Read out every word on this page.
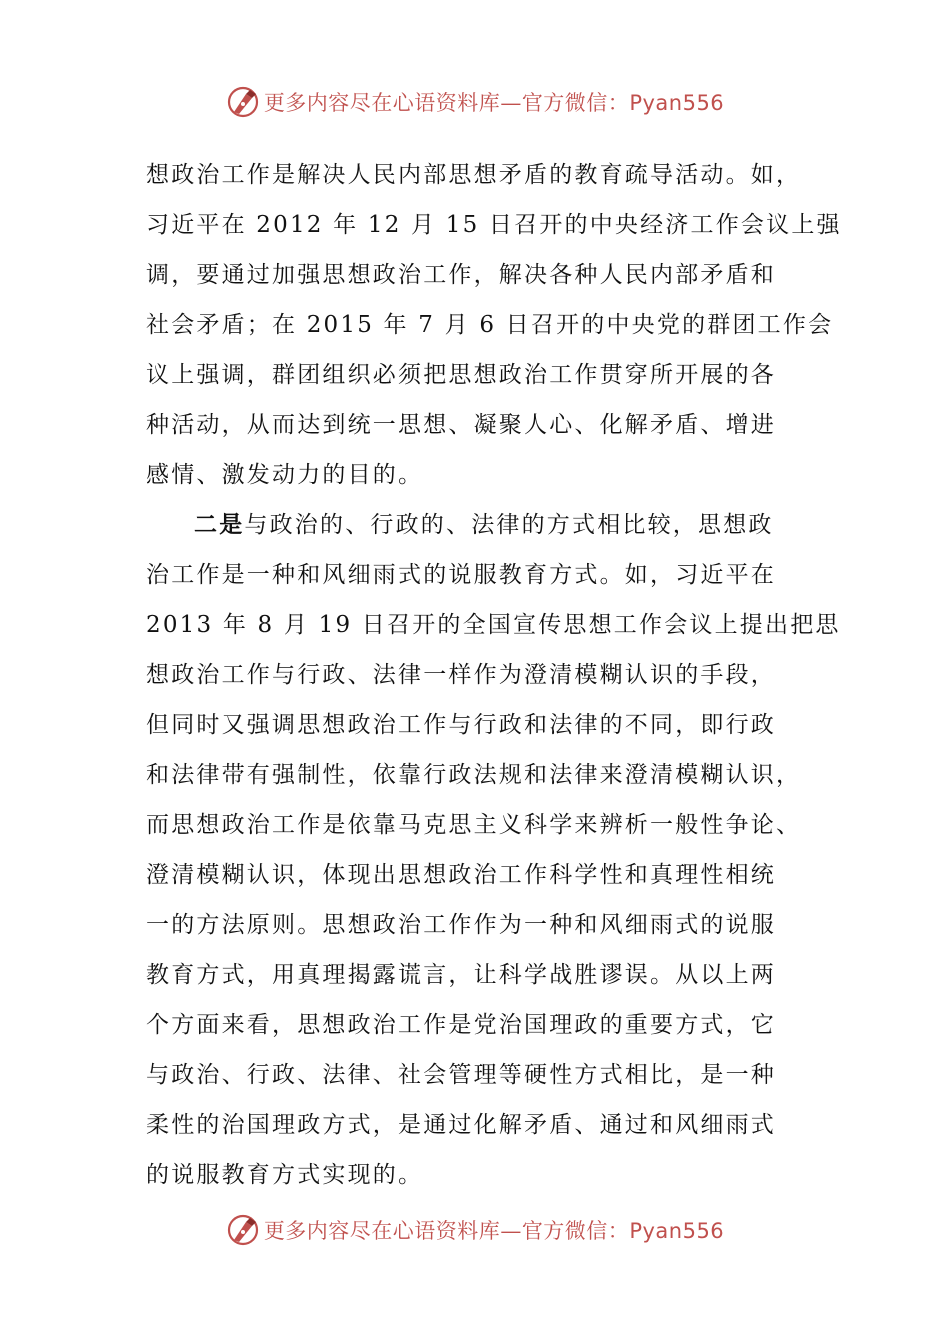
更多内容尽在心语资料库—官方微信：Pyan556
想政治工作是解决人民内部思想矛盾的教育疏导活动。如，
习近平在 2012 年 12 月 15 日召开的中央经济工作会议上强
调，要通过加强思想政治工作，解决各种人民内部矛盾和
社会矛盾；在 2015 年 7 月 6 日召开的中央党的群团工作会
议上强调，群团组织必须把思想政治工作贯穿所开展的各
种活动，从而达到统一思想、凝聚人心、化解矛盾、增进
感情、激发动力的目的。
二是与政治的、行政的、法律的方式相比较，思想政
治工作是一种和风细雨式的说服教育方式。如，习近平在
2013 年 8 月 19 日召开的全国宣传思想工作会议上提出把思
想政治工作与行政、法律一样作为澄清模糊认识的手段，
但同时又强调思想政治工作与行政和法律的不同，即行政
和法律带有强制性，依靠行政法规和法律来澄清模糊认识，
而思想政治工作是依靠马克思主义科学来辨析一般性争论、
澄清模糊认识，体现出思想政治工作科学性和真理性相统
一的方法原则。思想政治工作作为一种和风细雨式的说服
教育方式，用真理揭露谎言，让科学战胜谬误。从以上两
个方面来看，思想政治工作是党治国理政的重要方式，它
与政治、行政、法律、社会管理等硬性方式相比，是一种
柔性的治国理政方式，是通过化解矛盾、通过和风细雨式
的说服教育方式实现的。
更多内容尽在心语资料库—官方微信：Pyan556
